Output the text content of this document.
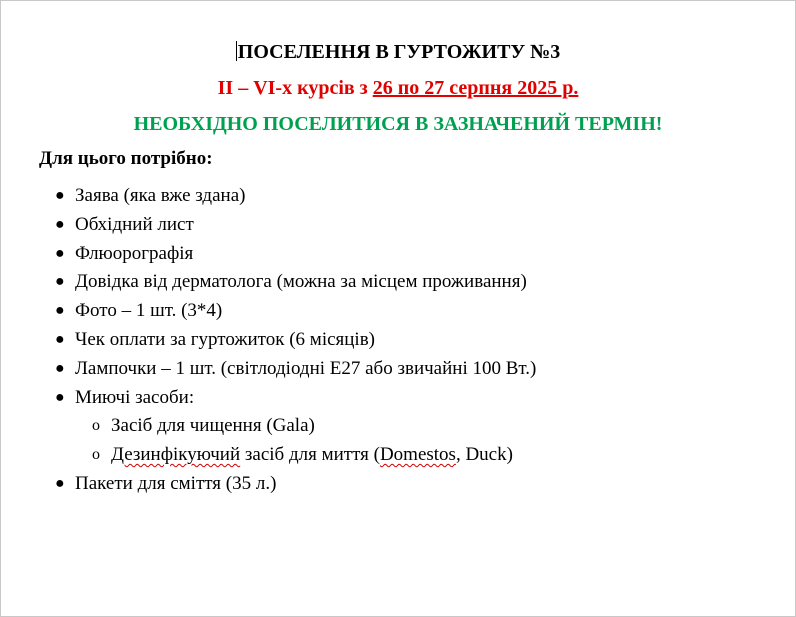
ПОСЕЛЕННЯ В ГУРТОЖИТУ №3
ІІ – VІ-х курсів з 26 по 27 серпня 2025 р.
НЕОБХІДНО ПОСЕЛИТИСЯ В ЗАЗНАЧЕНИЙ ТЕРМІН!
Для цього потрібно:
● Заява (яка вже здана)
● Обхідний лист
● Флюорографія
● Довідка від дерматолога (можна за місцем проживання)
● Фото – 1 шт. (3*4)
● Чек оплати за гуртожиток (6 місяців)
● Лампочки – 1 шт. (світлодіодні Е27 або звичайні 100 Вт.)
● Миючі засоби:
o Засіб для чищення (Gala)
o Дезинфікуючий засіб для миття (Domestos, Duck)
● Пакети для сміття (35 л.)
